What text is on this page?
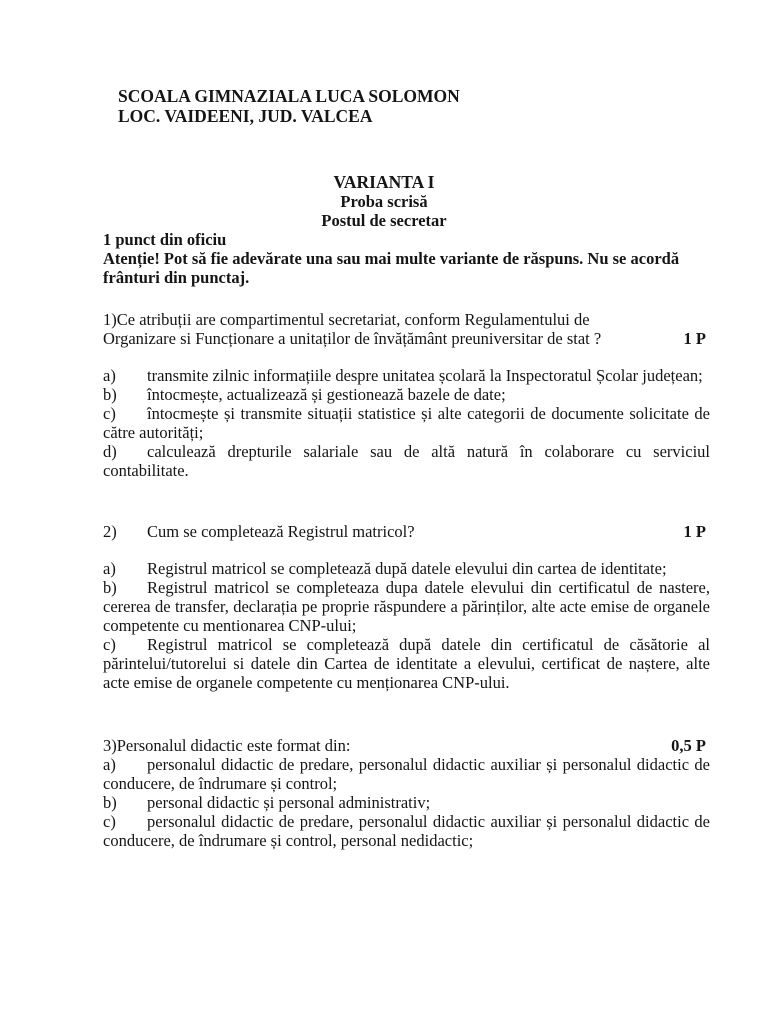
SCOALA GIMNAZIALA LUCA SOLOMON
LOC. VAIDEENI, JUD. VALCEA
VARIANTA I
Proba scrisă
Postul de secretar
1 punct din oficiu
Atenție! Pot să fie adevărate una sau mai multe variante de răspuns. Nu se acordă frânturi din punctaj.
1)Ce atribuții are compartimentul secretariat, conform Regulamentului de
Organizare si Funcționare a unitaților de învățământ preuniversitar de stat ?	1 P
a) transmite zilnic informațiile despre unitatea școlară la Inspectoratul Școlar județean;
b) întocmește, actualizează și gestionează bazele de date;
c) întocmește și transmite situații statistice și alte categorii de documente solicitate de către autorități;
d) calculează drepturile salariale sau de altă natură în colaborare cu serviciul contabilitate.
2) Cum se completează Registrul matricol?	1 P
a) Registrul matricol se completează după datele elevului din cartea de identitate;
b) Registrul matricol se completeaza dupa datele elevului din certificatul de nastere, cererea de transfer, declarația pe proprie răspundere a părinților, alte acte emise de organele competente cu mentionarea CNP-ului;
c) Registrul matricol se completează după datele din certificatul de căsătorie al părintelui/tutorelui si datele din Cartea de identitate a elevului, certificat de naștere, alte acte emise de organele competente cu menționarea CNP-ului.
3)Personalul didactic este format din:	0,5 P
a) personalul didactic de predare, personalul didactic auxiliar și personalul didactic de conducere, de îndrumare și control;
b) personal didactic și personal administrativ;
c) personalul didactic de predare, personalul didactic auxiliar și personalul didactic de conducere, de îndrumare și control, personal nedidactic;
